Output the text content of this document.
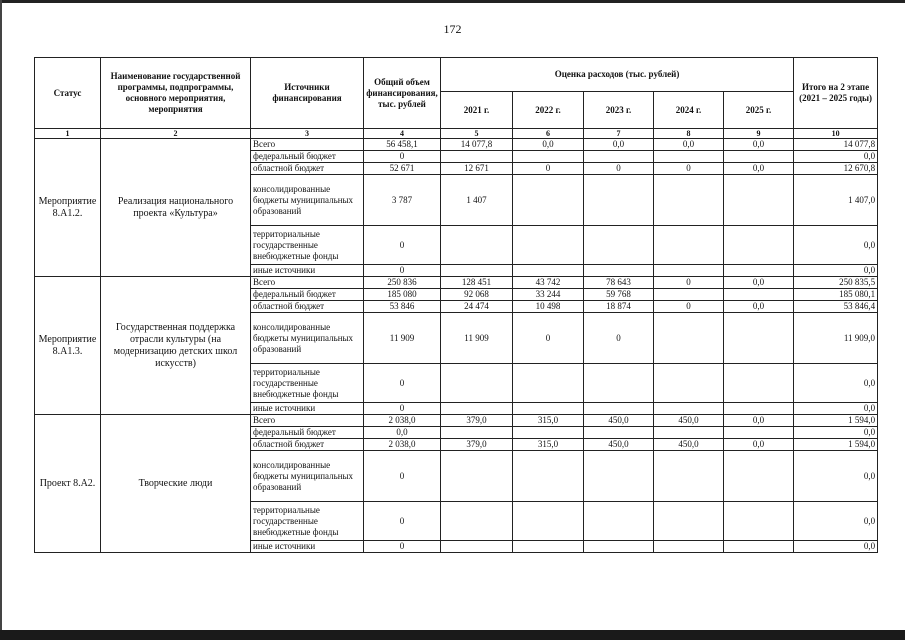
172
Статус	Наименование государственной программы, подпрограммы, основного мероприятия, мероприятия	Источники финансирования	Общий объем финансирования, тыс. рублей	Оценка расходов (тыс. рублей)					Итого на 2 этапе (2021 – 2025 годы)
				2021 г.	2022 г.	2023 г.	2024 г.	2025 г.	
1	2	3	4	5	6	7	8	9	10
Мероприятие 8.А1.2.	Реализация национального проекта «Культура»	Всего	56 458,1	14 077,8	0,0	0,0	0,0	0,0	14 077,8
		федеральный бюджет	0						0,0
		областной бюджет	52 671	12 671	0	0	0	0,0	12 670,8
		консолидированные бюджеты муниципальных образований	3 787	1 407					1 407,0
		территориальные государственные внебюджетные фонды	0						0,0
		иные источники	0						0,0
Мероприятие 8.А1.3.	Государственная поддержка отрасли культуры (на модернизацию детских школ искусств)	Всего	250 836	128 451	43 742	78 643	0	0,0	250 835,5
		федеральный бюджет	185 080	92 068	33 244	59 768			185 080,1
		областной бюджет	53 846	24 474	10 498	18 874	0	0,0	53 846,4
		консолидированные бюджеты муниципальных образований	11 909	11 909	0	0			11 909,0
		территориальные государственные внебюджетные фонды	0						0,0
		иные источники	0						0,0
Проект 8.А2.	Творческие люди	Всего	2 038,0	379,0	315,0	450,0	450,0	0,0	1 594,0
		федеральный бюджет	0,0						0,0
		областной бюджет	2 038,0	379,0	315,0	450,0	450,0	0,0	1 594,0
		консолидированные бюджеты муниципальных образований	0						0,0
		территориальные государственные внебюджетные фонды	0						0,0
		иные источники	0						0,0
